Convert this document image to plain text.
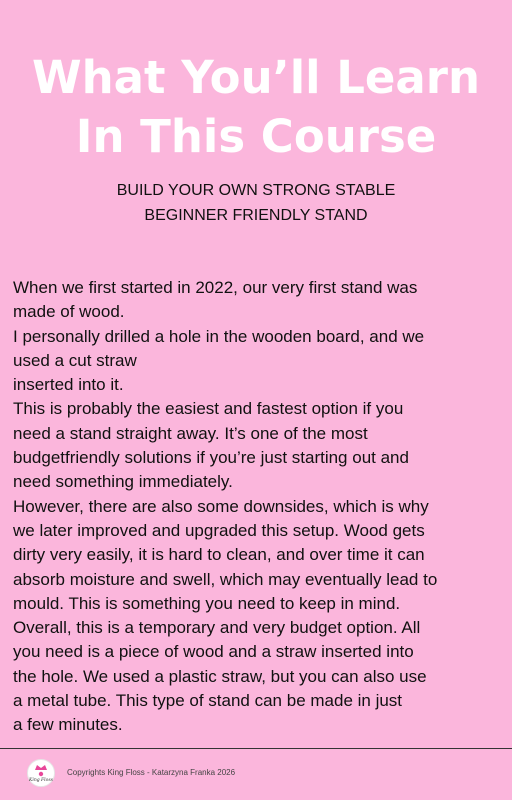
What You’ll Learn
In This Course

BUILD YOUR OWN STRONG STABLE
BEGINNER FRIENDLY STAND

When we first started in 2022, our very first stand was
made of wood.
I personally drilled a hole in the wooden board, and we
used a cut straw
inserted into it.
This is probably the easiest and fastest option if you
need a stand straight away. It’s one of the most
budgetfriendly solutions if you’re just starting out and
need something immediately.
However, there are also some downsides, which is why
we later improved and upgraded this setup. Wood gets
dirty very easily, it is hard to clean, and over time it can
absorb moisture and swell, which may eventually lead to
mould. This is something you need to keep in mind.
Overall, this is a temporary and very budget option. All
you need is a piece of wood and a straw inserted into
the hole. We used a plastic straw, but you can also use
a metal tube. This type of stand can be made in just
a few minutes.
King Floss
Copyrights King Floss - Katarzyna Franka 2026
